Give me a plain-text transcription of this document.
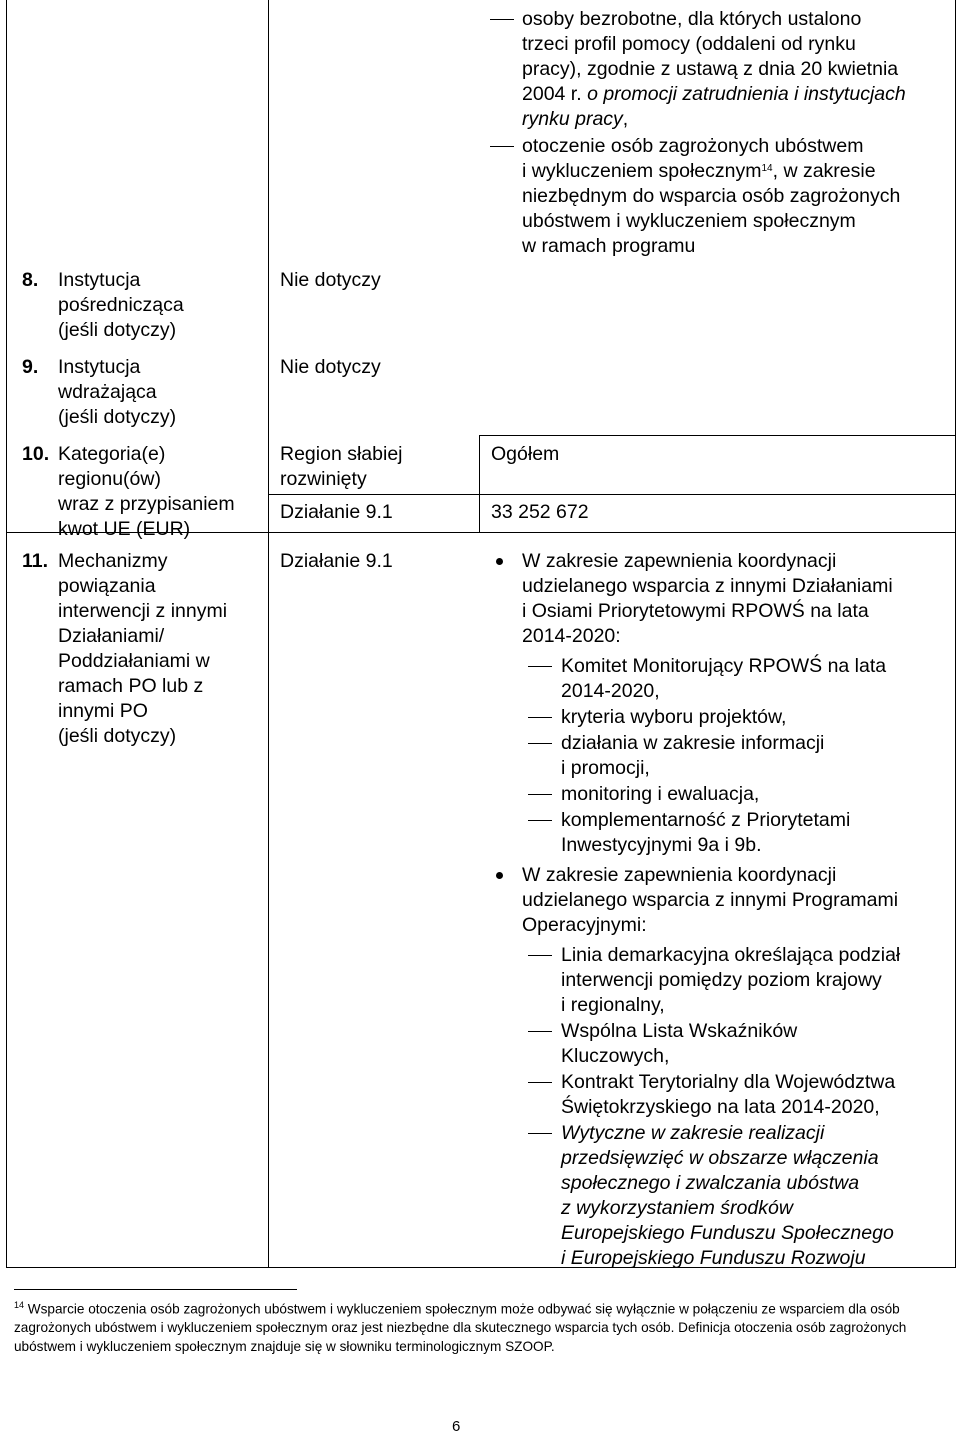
osoby bezrobotne, dla których ustalono
trzeci profil pomocy (oddaleni od rynku
pracy), zgodnie z ustawą z dnia 20 kwietnia
2004 r. o promocji zatrudnienia i instytucjach
rynku pracy,
otoczenie osób zagrożonych ubóstwem
i wykluczeniem społecznym$^{14}$, w zakresie
niezbędnym do wsparcia osób zagrożonych
ubóstwem i wykluczeniem społecznym
w ramach programu
8. Instytucja
pośrednicząca
(jeśli dotyczy)
Nie dotyczy
9. Instytucja
wdrażająca
(jeśli dotyczy)
Nie dotyczy
10. Kategoria(e)
regionu(ów)
wraz z przypisaniem
kwot UE (EUR)
Region słabiej
rozwinięty
Ogółem
Działanie 9.1	33 252 672
11. Mechanizmy
powiązania
interwencji z innymi
Działaniami/
Poddziałaniami w
ramach PO lub z
innymi PO
(jeśli dotyczy)
Działanie 9.1	W zakresie zapewnienia koordynacji
udzielanego wsparcia z innymi Działaniami
i Osiami Priorytetowymi RPOWŚ na lata
2014-2020:
Komitet Monitorujący RPOWŚ na lata
2014-2020,
kryteria wyboru projektów,
działania w zakresie informacji
i promocji,
monitoring i ewaluacja,
komplementarność z Priorytetami
Inwestycyjnymi 9a i 9b.
W zakresie zapewnienia koordynacji
udzielanego wsparcia z innymi Programami
Operacyjnymi:
Linia demarkacyjna określająca podział
interwencji pomiędzy poziom krajowy
i regionalny,
Wspólna Lista Wskaźników
Kluczowych,
Kontrakt Terytorialny dla Województwa
Świętokrzyskiego na lata 2014-2020,
Wytyczne w zakresie realizacji
przedsięwzięć w obszarze włączenia
społecznego i zwalczania ubóstwa
z wykorzystaniem środków
Europejskiego Funduszu Społecznego
i Europejskiego Funduszu Rozwoju
$^{14}$ Wsparcie otoczenia osób zagrożonych ubóstwem i wykluczeniem społecznym może odbywać się wyłącznie w połączeniu ze wsparciem dla osób zagrożonych ubóstwem i wykluczeniem społecznym oraz jest niezbędne dla skutecznego wsparcia tych osób. Definicja otoczenia osób zagrożonych ubóstwem i wykluczeniem społecznym znajduje się w słowniku terminologicznym SZOOP.
6
